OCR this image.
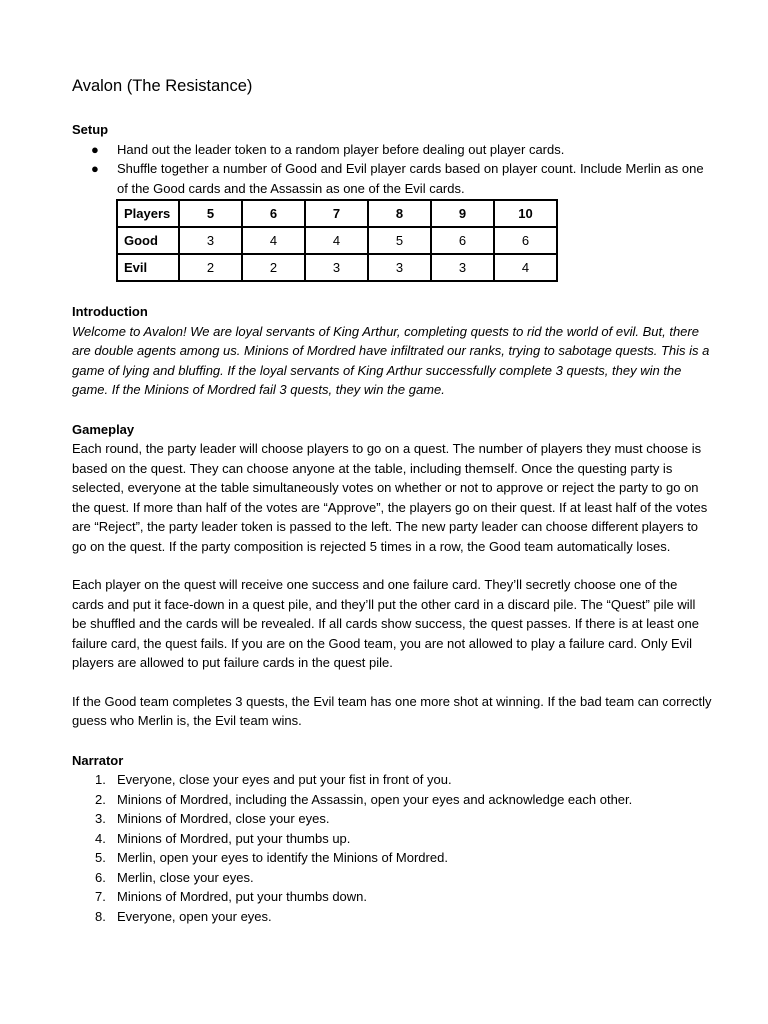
Avalon (The Resistance)
Setup
● Hand out the leader token to a random player before dealing out player cards.
● Shuffle together a number of Good and Evil player cards based on player count. Include Merlin as one of the Good cards and the Assassin as one of the Evil cards.
Players	5	6	7	8	9	10
Good	3	4	4	5	6	6
Evil	2	2	3	3	3	4
Introduction

Welcome to Avalon! We are loyal servants of King Arthur, completing quests to rid the world of evil. But, there are double agents among us. Minions of Mordred have infiltrated our ranks, trying to sabotage quests. This is a game of lying and bluffing. If the loyal servants of King Arthur successfully complete 3 quests, they win the game. If the Minions of Mordred fail 3 quests, they win the game.

Gameplay

Each round, the party leader will choose players to go on a quest. The number of players they must choose is based on the quest. They can choose anyone at the table, including themself. Once the questing party is selected, everyone at the table simultaneously votes on whether or not to approve or reject the party to go on the quest. If more than half of the votes are “Approve”, the players go on their quest. If at least half of the votes are “Reject”, the party leader token is passed to the left. The new party leader can choose different players to go on the quest. If the party composition is rejected 5 times in a row, the Good team automatically loses.

Each player on the quest will receive one success and one failure card. They’ll secretly choose one of the cards and put it face-down in a quest pile, and they’ll put the other card in a discard pile. The “Quest” pile will be shuffled and the cards will be revealed. If all cards show success, the quest passes. If there is at least one failure card, the quest fails. If you are on the Good team, you are not allowed to play a failure card. Only Evil players are allowed to put failure cards in the quest pile.

If the Good team completes 3 quests, the Evil team has one more shot at winning. If the bad team can correctly guess who Merlin is, the Evil team wins.

Narrator
1. Everyone, close your eyes and put your fist in front of you.
2. Minions of Mordred, including the Assassin, open your eyes and acknowledge each other.
3. Minions of Mordred, close your eyes.
4. Minions of Mordred, put your thumbs up.
5. Merlin, open your eyes to identify the Minions of Mordred.
6. Merlin, close your eyes.
7. Minions of Mordred, put your thumbs down.
8. Everyone, open your eyes.
